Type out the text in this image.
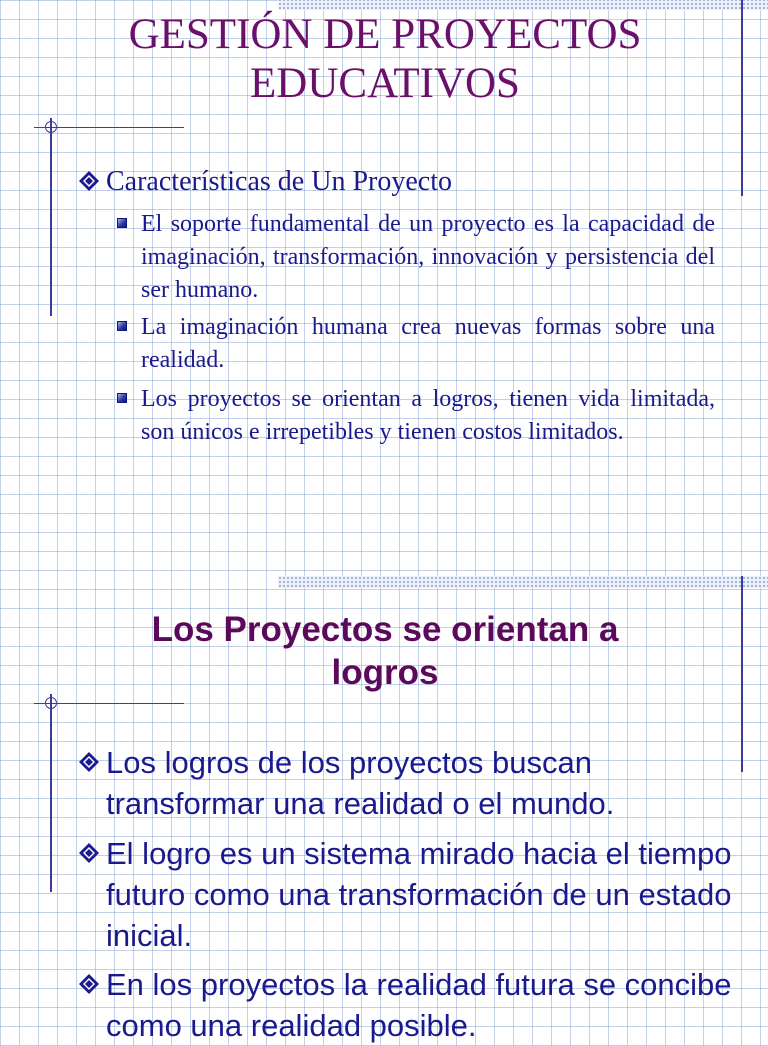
GESTIÓN DE PROYECTOS
EDUCATIVOS
Características de Un Proyecto
El soporte fundamental de un proyecto es la capacidad de imaginación, transformación, innovación y persistencia del ser humano.
La imaginación humana crea nuevas formas sobre una realidad.
Los proyectos se orientan a logros, tienen vida limitada, son únicos e irrepetibles y tienen costos limitados.
Los Proyectos se orientan a
logros
Los logros de los proyectos buscan transformar una realidad o el mundo.
El logro es un sistema mirado hacia el tiempo futuro como una transformación de un estado inicial.
En los proyectos la realidad futura se concibe como una realidad posible.
